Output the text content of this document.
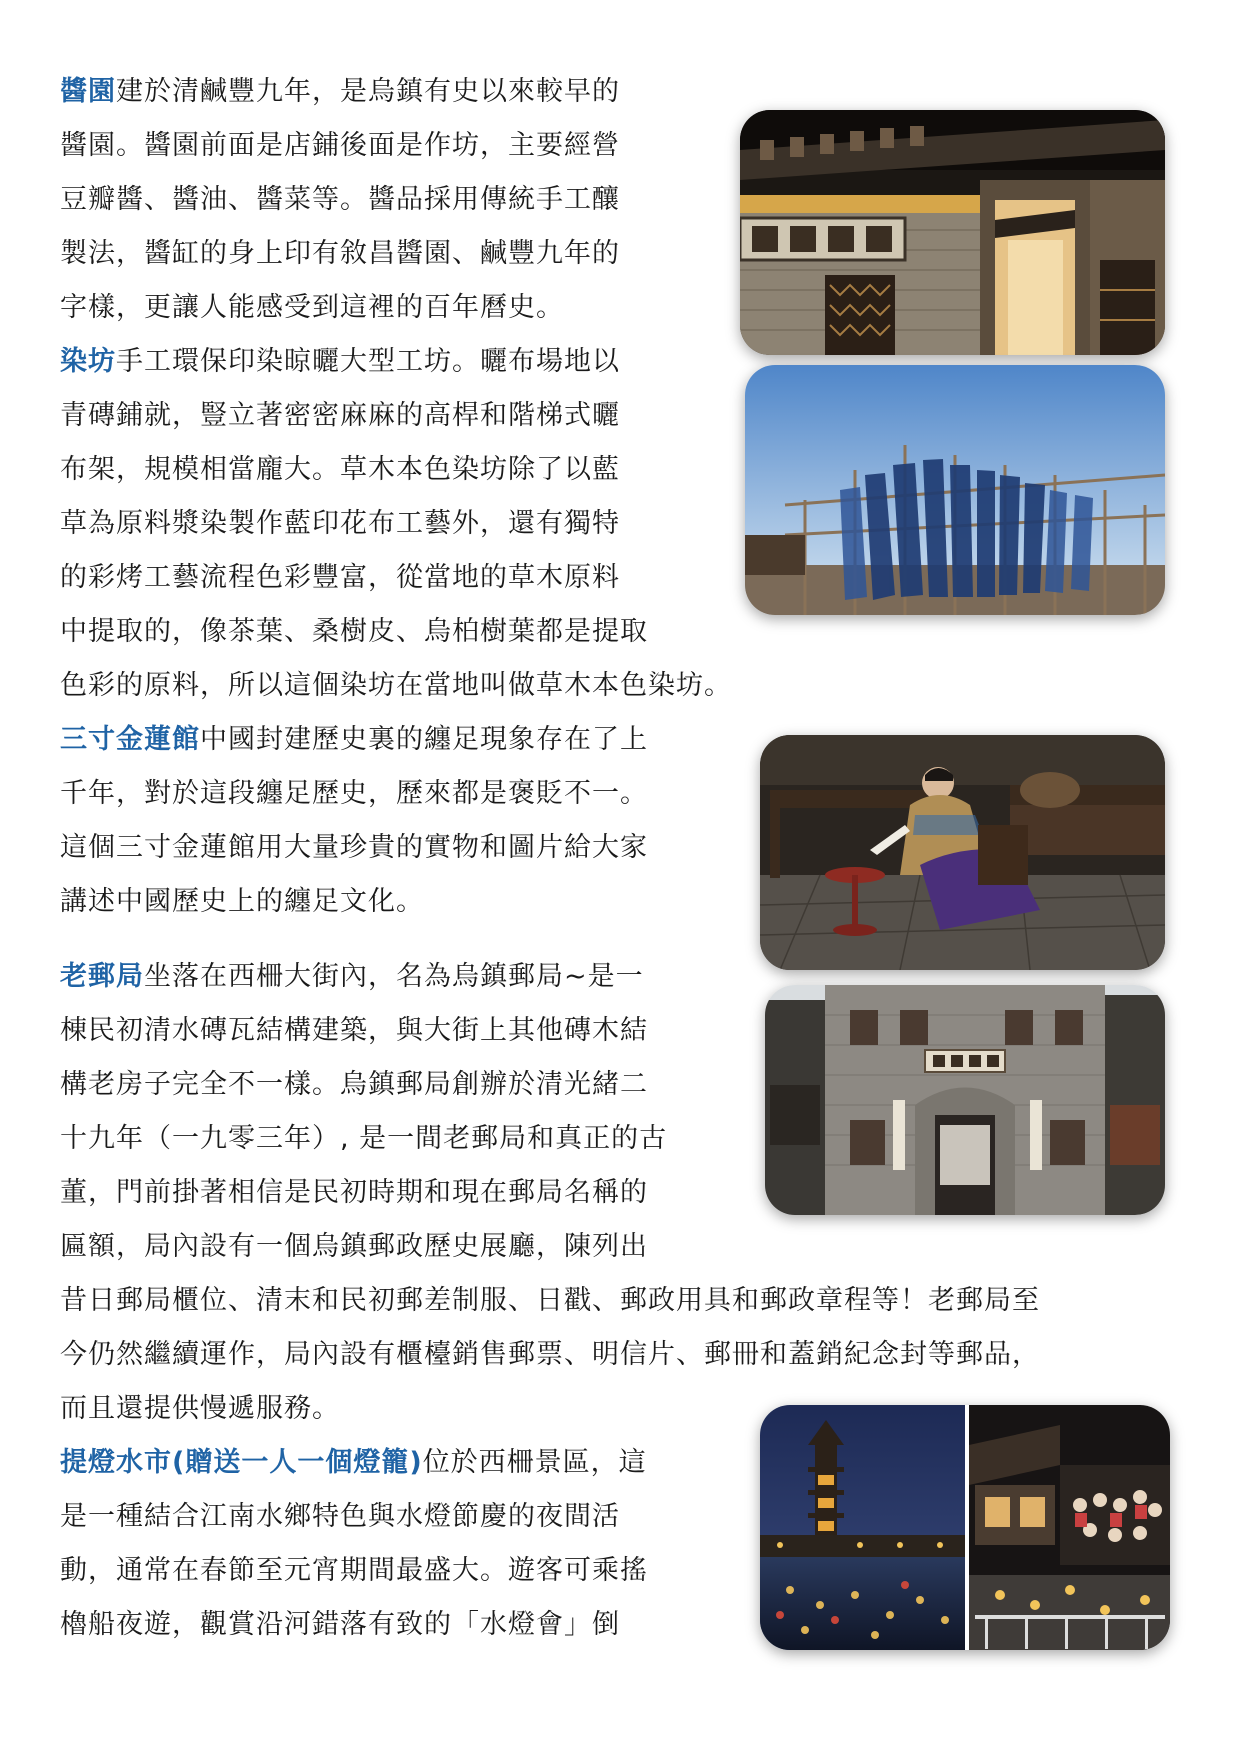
醬園建於清鹹豐九年，是烏鎮有史以來較早的
醬園。醬園前面是店鋪後面是作坊，主要經營
豆瓣醬、醬油、醬菜等。醬品採用傳統手工釀
製法，醬缸的身上印有敘昌醬園、鹹豐九年的
字樣，更讓人能感受到這裡的百年曆史。
染坊手工環保印染晾曬大型工坊。曬布場地以
青磚鋪就，豎立著密密麻麻的高桿和階梯式曬
布架，規模相當龐大。草木本色染坊除了以藍
草為原料漿染製作藍印花布工藝外，還有獨特
的彩烤工藝流程色彩豐富，從當地的草木原料
中提取的，像茶葉、桑樹皮、烏柏樹葉都是提取
色彩的原料，所以這個染坊在當地叫做草木本色染坊。
三寸金蓮館中國封建歷史裏的纏足現象存在了上
千年，對於這段纏足歷史，歷來都是褒貶不一。
這個三寸金蓮館用大量珍貴的實物和圖片給大家
講述中國歷史上的纏足文化。
老郵局坐落在西柵大街內，名為烏鎮郵局~是一
棟民初清水磚瓦結構建築，與大街上其他磚木結
構老房子完全不一樣。烏鎮郵局創辦於清光緒二
十九年（一九零三年）, 是一間老郵局和真正的古
董，門前掛著相信是民初時期和現在郵局名稱的
匾額，局內設有一個烏鎮郵政歷史展廳，陳列出
昔日郵局櫃位、清末和民初郵差制服、日戳、郵政用具和郵政章程等！老郵局至
今仍然繼續運作，局內設有櫃檯銷售郵票、明信片、郵冊和蓋銷紀念封等郵品，
而且還提供慢遞服務。
提燈水市(贈送一人一個燈籠)位於西柵景區，這
是一種結合江南水鄉特色與水燈節慶的夜間活
動，通常在春節至元宵期間最盛大。遊客可乘搖
櫓船夜遊，觀賞沿河錯落有致的「水燈會」倒
